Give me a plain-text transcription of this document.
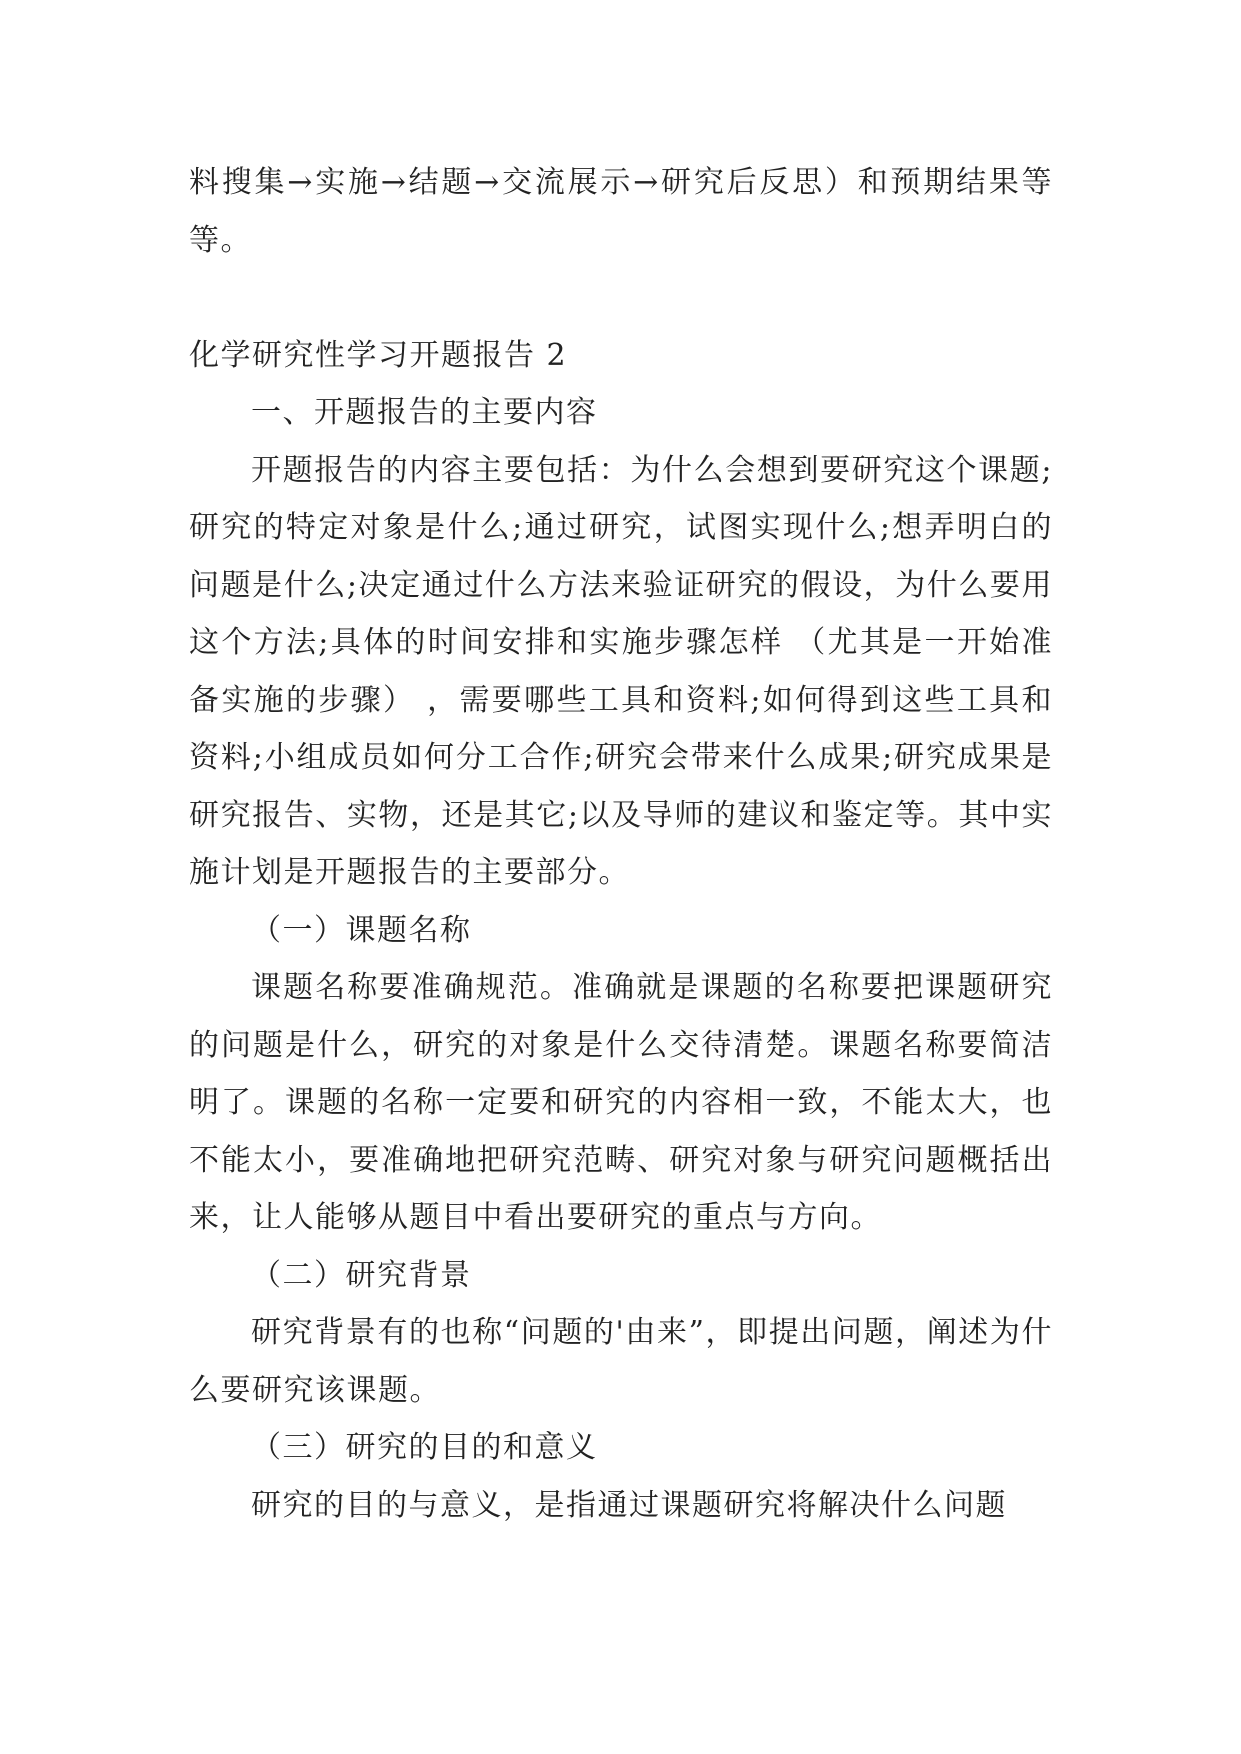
料搜集→实施→结题→交流展示→研究后反思）和预期结果等等。

化学研究性学习开题报告 2

一、开题报告的主要内容

开题报告的内容主要包括：为什么会想到要研究这个课题;研究的特定对象是什么;通过研究，试图实现什么;想弄明白的问题是什么;决定通过什么方法来验证研究的假设，为什么要用这个方法;具体的时间安排和实施步骤怎样 （尤其是一开始准备实施的步骤） ，需要哪些工具和资料;如何得到这些工具和资料;小组成员如何分工合作;研究会带来什么成果;研究成果是研究报告、实物，还是其它;以及导师的建议和鉴定等。其中实施计划是开题报告的主要部分。

（一）课题名称

课题名称要准确规范。准确就是课题的名称要把课题研究的问题是什么，研究的对象是什么交待清楚。课题名称要简洁明了。课题的名称一定要和研究的内容相一致，不能太大，也不能太小，要准确地把研究范畴、研究对象与研究问题概括出来，让人能够从题目中看出要研究的重点与方向。

（二）研究背景

研究背景有的也称“问题的'由来”，即提出问题，阐述为什么要研究该课题。

（三）研究的目的和意义

研究的目的与意义，是指通过课题研究将解决什么问题
